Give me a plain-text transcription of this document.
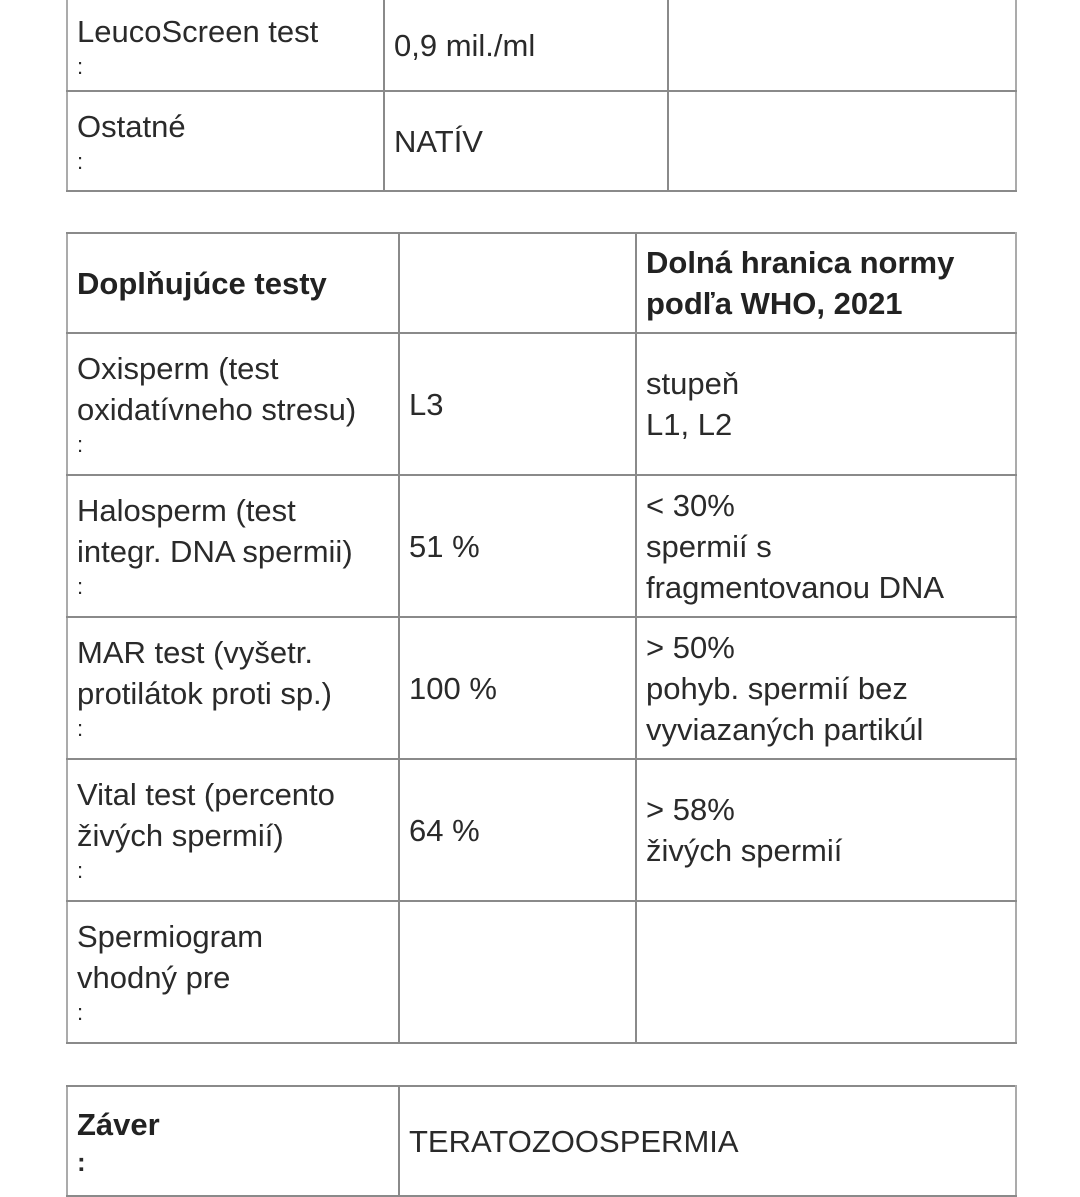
LeucoScreen test
:	0,9 mil./ml	

Ostatné
:	NATÍV	
Doplňujúce testy		Dolná hranica normy
podľa WHO, 2021

Oxisperm (test
oxidatívneho stresu)
:	L3	stupeň
L1, L2

Halosperm (test
integr. DNA spermii)
:	51 %	< 30%
spermií s
fragmentovanou DNA

MAR test (vyšetr.
protilátok proti sp.)
:	100 %	> 50%
pohyb. spermií bez
vyviazaných partikúl

Vital test (percento
živých spermií)
:	64 %	> 58%
živých spermií

Spermiogram
vhodný pre
:		

Záver
:
	TERATOZOOSPERMIA
